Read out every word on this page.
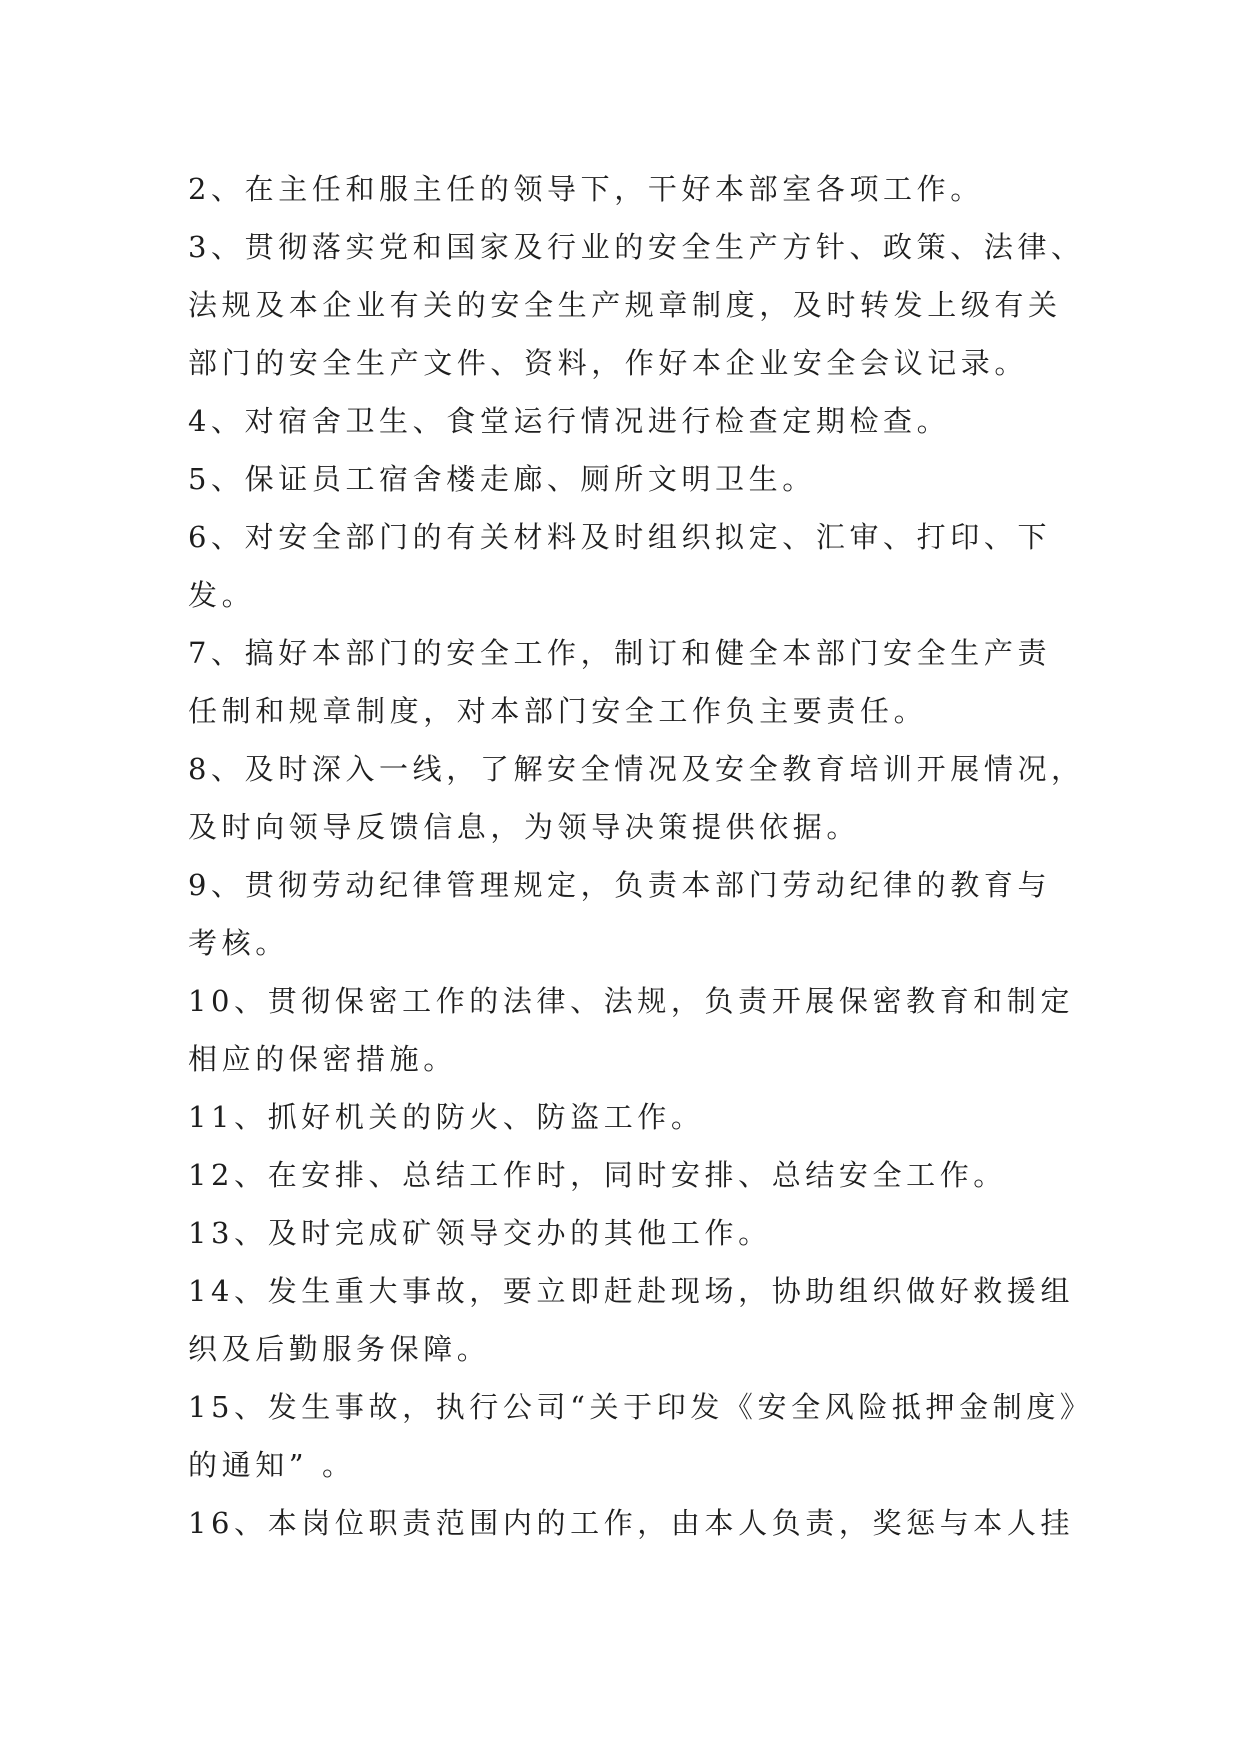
2、在主任和服主任的领导下，干好本部室各项工作。
3、贯彻落实党和国家及行业的安全生产方针、政策、法律、
法规及本企业有关的安全生产规章制度，及时转发上级有关
部门的安全生产文件、资料，作好本企业安全会议记录。
4、对宿舍卫生、食堂运行情况进行检查定期检查。
5、保证员工宿舍楼走廊、厕所文明卫生。
6、对安全部门的有关材料及时组织拟定、汇审、打印、下
发。
7、搞好本部门的安全工作，制订和健全本部门安全生产责
任制和规章制度，对本部门安全工作负主要责任。
8、及时深入一线，了解安全情况及安全教育培训开展情况，
及时向领导反馈信息，为领导决策提供依据。
9、贯彻劳动纪律管理规定，负责本部门劳动纪律的教育与
考核。
10、贯彻保密工作的法律、法规，负责开展保密教育和制定
相应的保密措施。
11、抓好机关的防火、防盗工作。
12、在安排、总结工作时，同时安排、总结安全工作。
13、及时完成矿领导交办的其他工作。
14、发生重大事故，要立即赶赴现场，协助组织做好救援组
织及后勤服务保障。
15、发生事故，执行公司“关于印发《安全风险抵押金制度》
的通知” 。
16、本岗位职责范围内的工作，由本人负责，奖惩与本人挂
